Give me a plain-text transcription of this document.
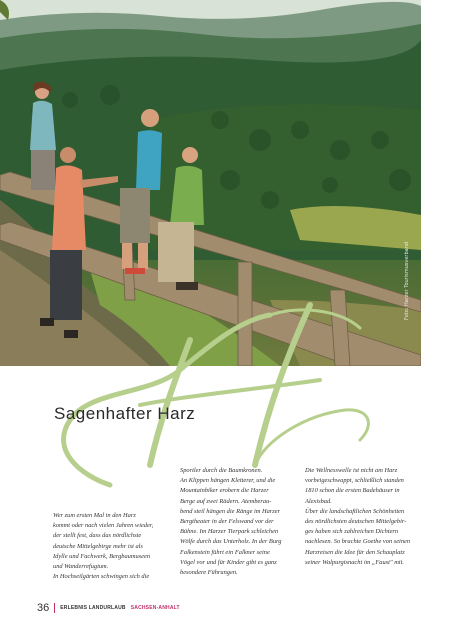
Foto: Harzer Tourismusverband
Sagenhafter Harz

Wer zum ersten Mal in den Harz

kommt oder nach vielen Jahren wieder,

der stellt fest, dass das nördlichste

deutsche Mittelgebirge mehr ist als

Idylle und Fachwerk, Bergbaumuseen

und Wanderrefugium.

In Hochseilgärten schwingen sich die

Sportler durch die Baumkronen.

An Klippen hängen Kletterer, und die

Mountainbiker erobern die Harzer

Berge auf zwei Rädern. Atemberau-

bend steil hängen die Ränge im Harzer

Bergtheater in der Felswand vor der

Bühne. Im Harzer Tierpark schleichen

Wölfe durch das Unterholz. In der Burg

Falkenstein führt ein Falkner seine

Vögel vor und für Kinder gibt es ganz

besondere Führungen.

Die Wellnesswelle ist nicht am Harz

vorbeigeschwappt, schließlich standen

1810 schon die ersten Badehäuser in

Alexisbad.

Über die landschaftlichen Schönheiten

des nördlichsten deutschen Mittelgebir-

ges haben sich zahlreichen Dichtern

nachlesen. So brachte Goethe von seinen

Harzreisen die Idee für den Schauplatz

seiner Walpurgisnacht im „Faust" mit.

36 ERLEBNIS LANDURLAUB SACHSEN-ANHALT
